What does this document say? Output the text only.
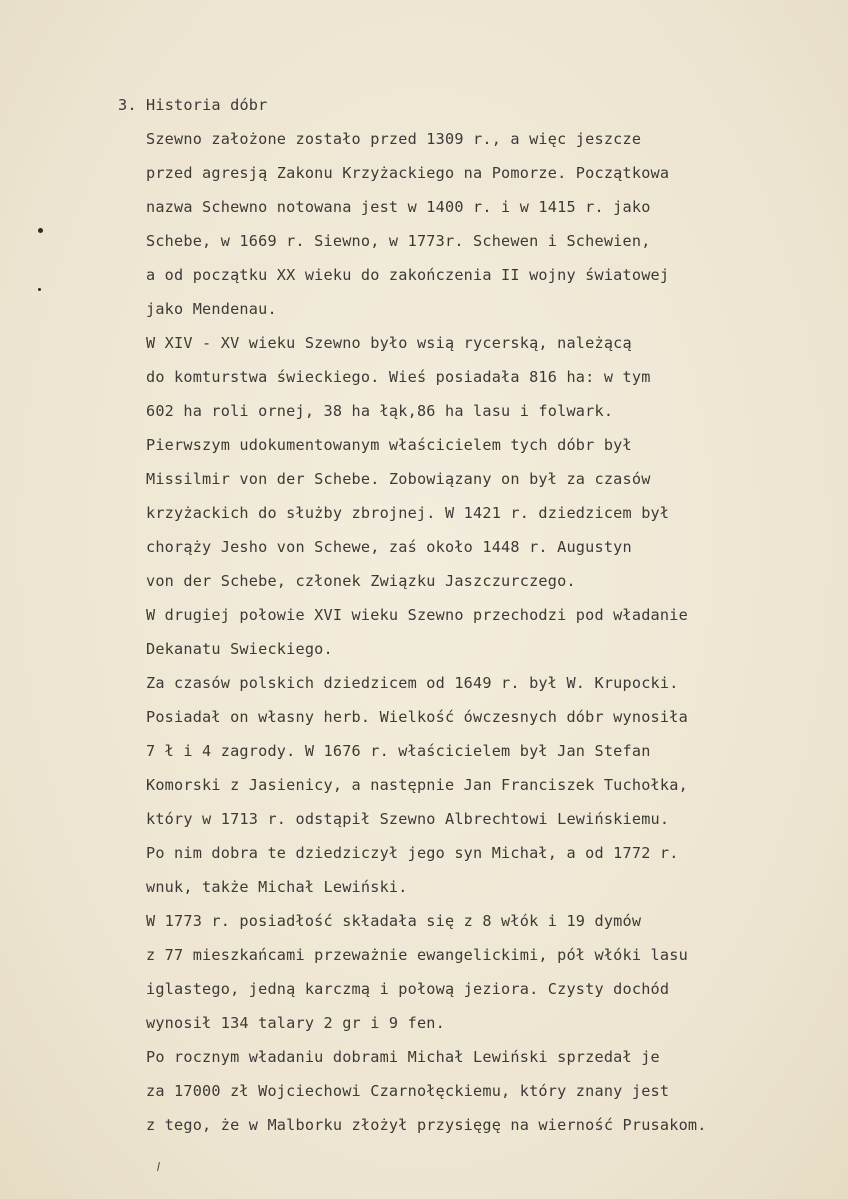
3. Historia dóbr
Szewno założone zostało przed 1309 r., a więc jeszcze
przed agresją Zakonu Krzyżackiego na Pomorze. Początkowa
nazwa Schewno notowana jest w 1400 r. i w 1415 r. jako
Schebe, w 1669 r. Siewno, w 1773r. Schewen i Schewien,
a od początku XX wieku do zakończenia II wojny światowej
jako Mendenau.
W XIV - XV wieku Szewno było wsią rycerską, należącą
do komturstwa świeckiego. Wieś posiadała 816 ha: w tym
602 ha roli ornej, 38 ha łąk,86 ha lasu i folwark.
Pierwszym udokumentowanym właścicielem tych dóbr był
Missilmir von der Schebe. Zobowiązany on był za czasów
krzyżackich do służby zbrojnej. W 1421 r. dziedzicem był
chorąży Jesho von Schewe, zaś około 1448 r. Augustyn
von der Schebe, członek Związku Jaszczurczego.
W drugiej połowie XVI wieku Szewno przechodzi pod władanie
Dekanatu Swieckiego.
Za czasów polskich dziedzicem od 1649 r. był W. Krupocki.
Posiadał on własny herb. Wielkość ówczesnych dóbr wynosiła
7 ł i 4 zagrody. W 1676 r. właścicielem był Jan Stefan
Komorski z Jasienicy, a następnie Jan Franciszek Tuchołka,
który w 1713 r. odstąpił Szewno Albrechtowi Lewińskiemu.
Po nim dobra te dziedziczył jego syn Michał, a od 1772 r.
wnuk, także Michał Lewiński.
W 1773 r. posiadłość składała się z 8 włók i 19 dymów
z 77 mieszkańcami przeważnie ewangelickimi, pół włóki lasu
iglastego, jedną karczmą i połową jeziora. Czysty dochód
wynosił 134 talary 2 gr i 9 fen.
Po rocznym władaniu dobrami Michał Lewiński sprzedał je
za 17000 zł Wojciechowi Czarnołęckiemu, który znany jest
z tego, że w Malborku złożył przysięgę na wierność Prusakom.
